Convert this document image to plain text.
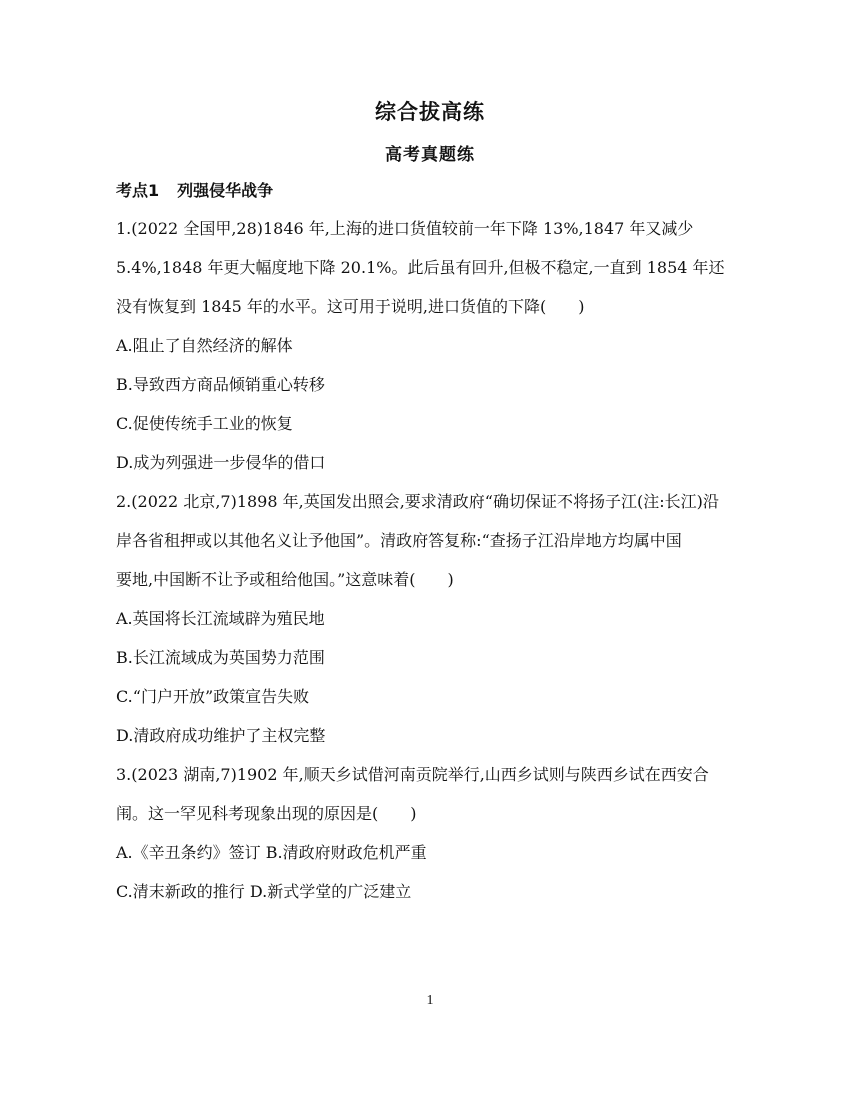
综合拔高练
高考真题练
考点1 列强侵华战争
1.(2022 全国甲,28)1846 年,上海的进口货值较前一年下降 13%,1847 年又减少
5.4%,1848 年更大幅度地下降 20.1%。此后虽有回升,但极不稳定,一直到 1854 年还
没有恢复到 1845 年的水平。这可用于说明,进口货值的下降(　　)
A.阻止了自然经济的解体
B.导致西方商品倾销重心转移
C.促使传统手工业的恢复
D.成为列强进一步侵华的借口
2.(2022 北京,7)1898 年,英国发出照会,要求清政府“确切保证不将扬子江(注:长江)沿
岸各省租押或以其他名义让予他国”。清政府答复称:“查扬子江沿岸地方均属中国
要地,中国断不让予或租给他国。”这意味着(　　)
A.英国将长江流域辟为殖民地
B.长江流域成为英国势力范围
C.“门户开放”政策宣告失败
D.清政府成功维护了主权完整
3.(2023 湖南,7)1902 年,顺天乡试借河南贡院举行,山西乡试则与陕西乡试在西安合
闱。这一罕见科考现象出现的原因是(　　)
A.《辛丑条约》签订 B.清政府财政危机严重
C.清末新政的推行 D.新式学堂的广泛建立
1
